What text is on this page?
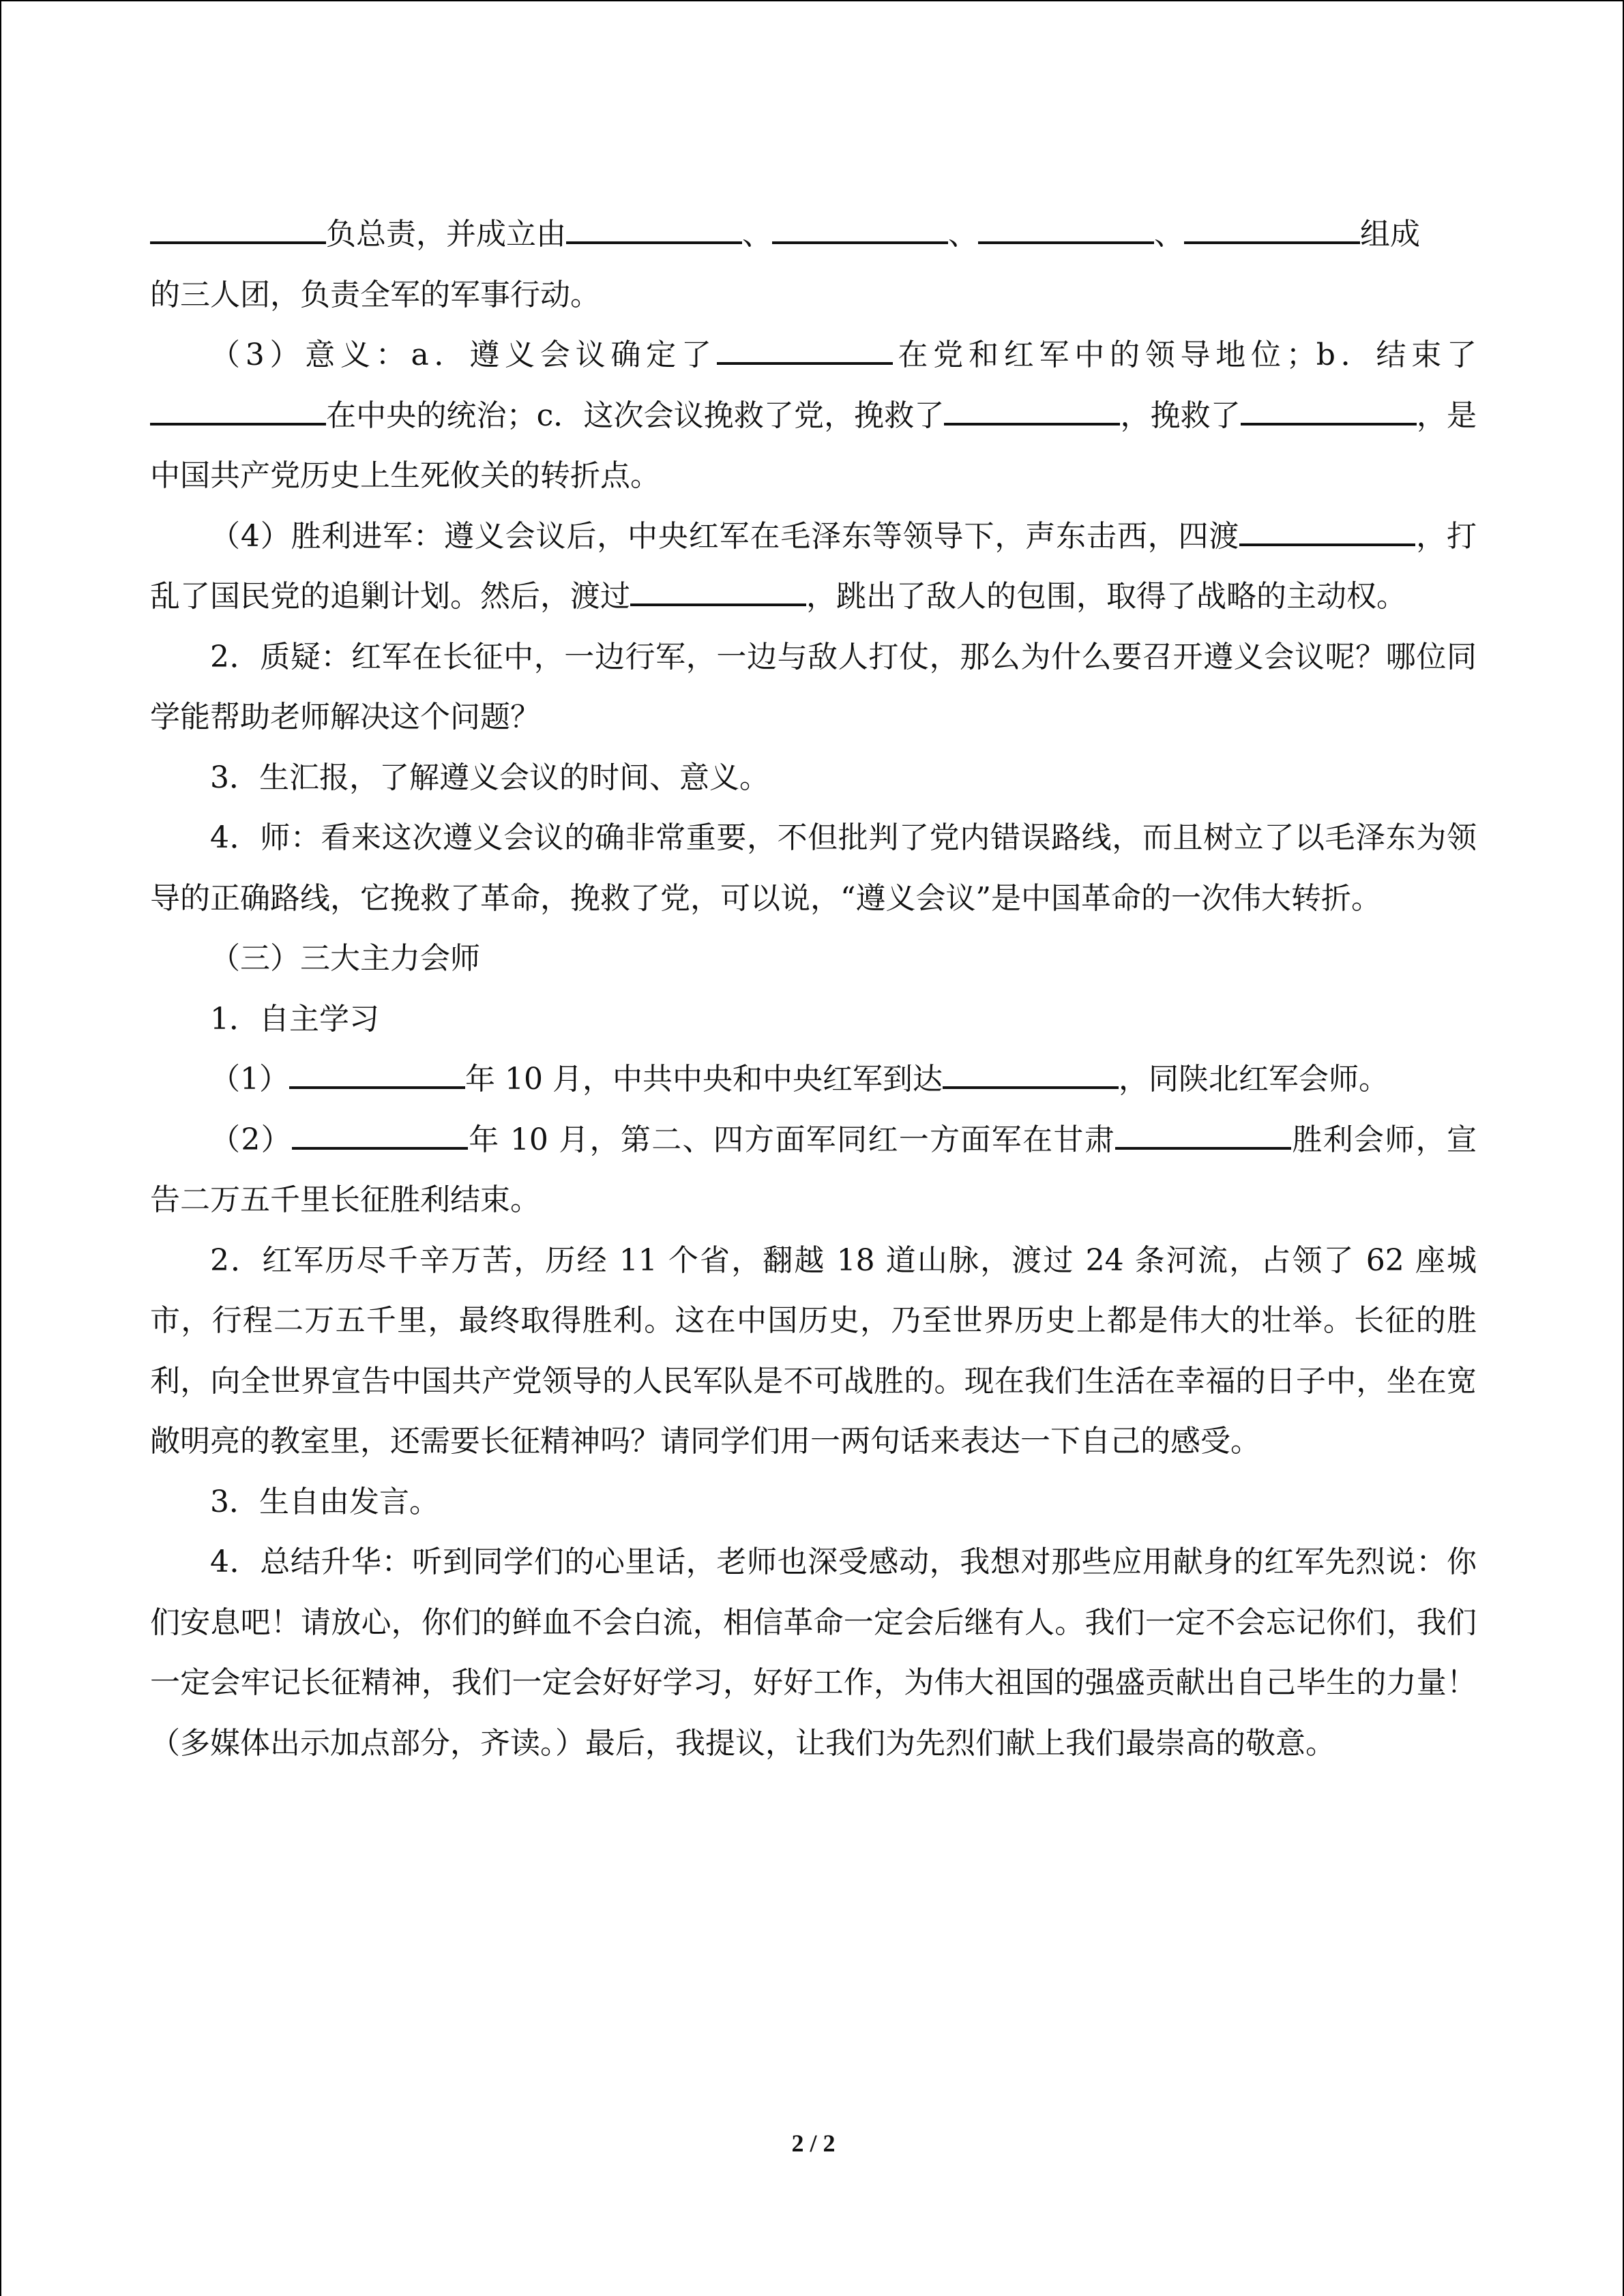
负总责，并成立由	、	、	、	组成
的三人团，负责全军的军事行动。

（3）意义：a．遵义会议确定了	在党和红军中的领导地位；b．结束了在中央的统治；c．这次会议挽救了党，挽救了	，挽救了	，是中国共产党历史上生死攸关的转折点。

（4）胜利进军：遵义会议后，中央红军在毛泽东等领导下，声东击西，四渡	，打乱了国民党的追剿计划。然后，渡过	，跳出了敌人的包围，取得了战略的主动权。

2．质疑：红军在长征中，一边行军，一边与敌人打仗，那么为什么要召开遵义会议呢？哪位同学能帮助老师解决这个问题？

3．生汇报，了解遵义会议的时间、意义。

4．师：看来这次遵义会议的确非常重要，不但批判了党内错误路线，而且树立了以毛泽东为领导的正确路线，它挽救了革命，挽救了党，可以说，“遵义会议”是中国革命的一次伟大转折。

（三）三大主力会师

1．自主学习

（1）	年 10 月，中共中央和中央红军到达	，同陕北红军会师。

（2）	年 10 月，第二、四方面军同红一方面军在甘肃	胜利会师，宣告二万五千里长征胜利结束。

2．红军历尽千辛万苦，历经 11 个省，翻越 18 道山脉，渡过 24 条河流，占领了 62 座城市，行程二万五千里，最终取得胜利。这在中国历史，乃至世界历史上都是伟大的壮举。长征的胜利，向全世界宣告中国共产党领导的人民军队是不可战胜的。现在我们生活在幸福的日子中，坐在宽敞明亮的教室里，还需要长征精神吗？请同学们用一两句话来表达一下自己的感受。

3．生自由发言。

4．总结升华：听到同学们的心里话，老师也深受感动，我想对那些应用献身的红军先烈说：你们安息吧！请放心，你们的鲜血不会白流，相信革命一定会后继有人。我们一定不会忘记你们，我们一定会牢记长征精神，我们一定会好好学习，好好工作，为伟大祖国的强盛贡献出自己毕生的力量！（多媒体出示加点部分，齐读。）最后，我提议，让我们为先烈们献上我们最崇高的敬意。

2 / 2
